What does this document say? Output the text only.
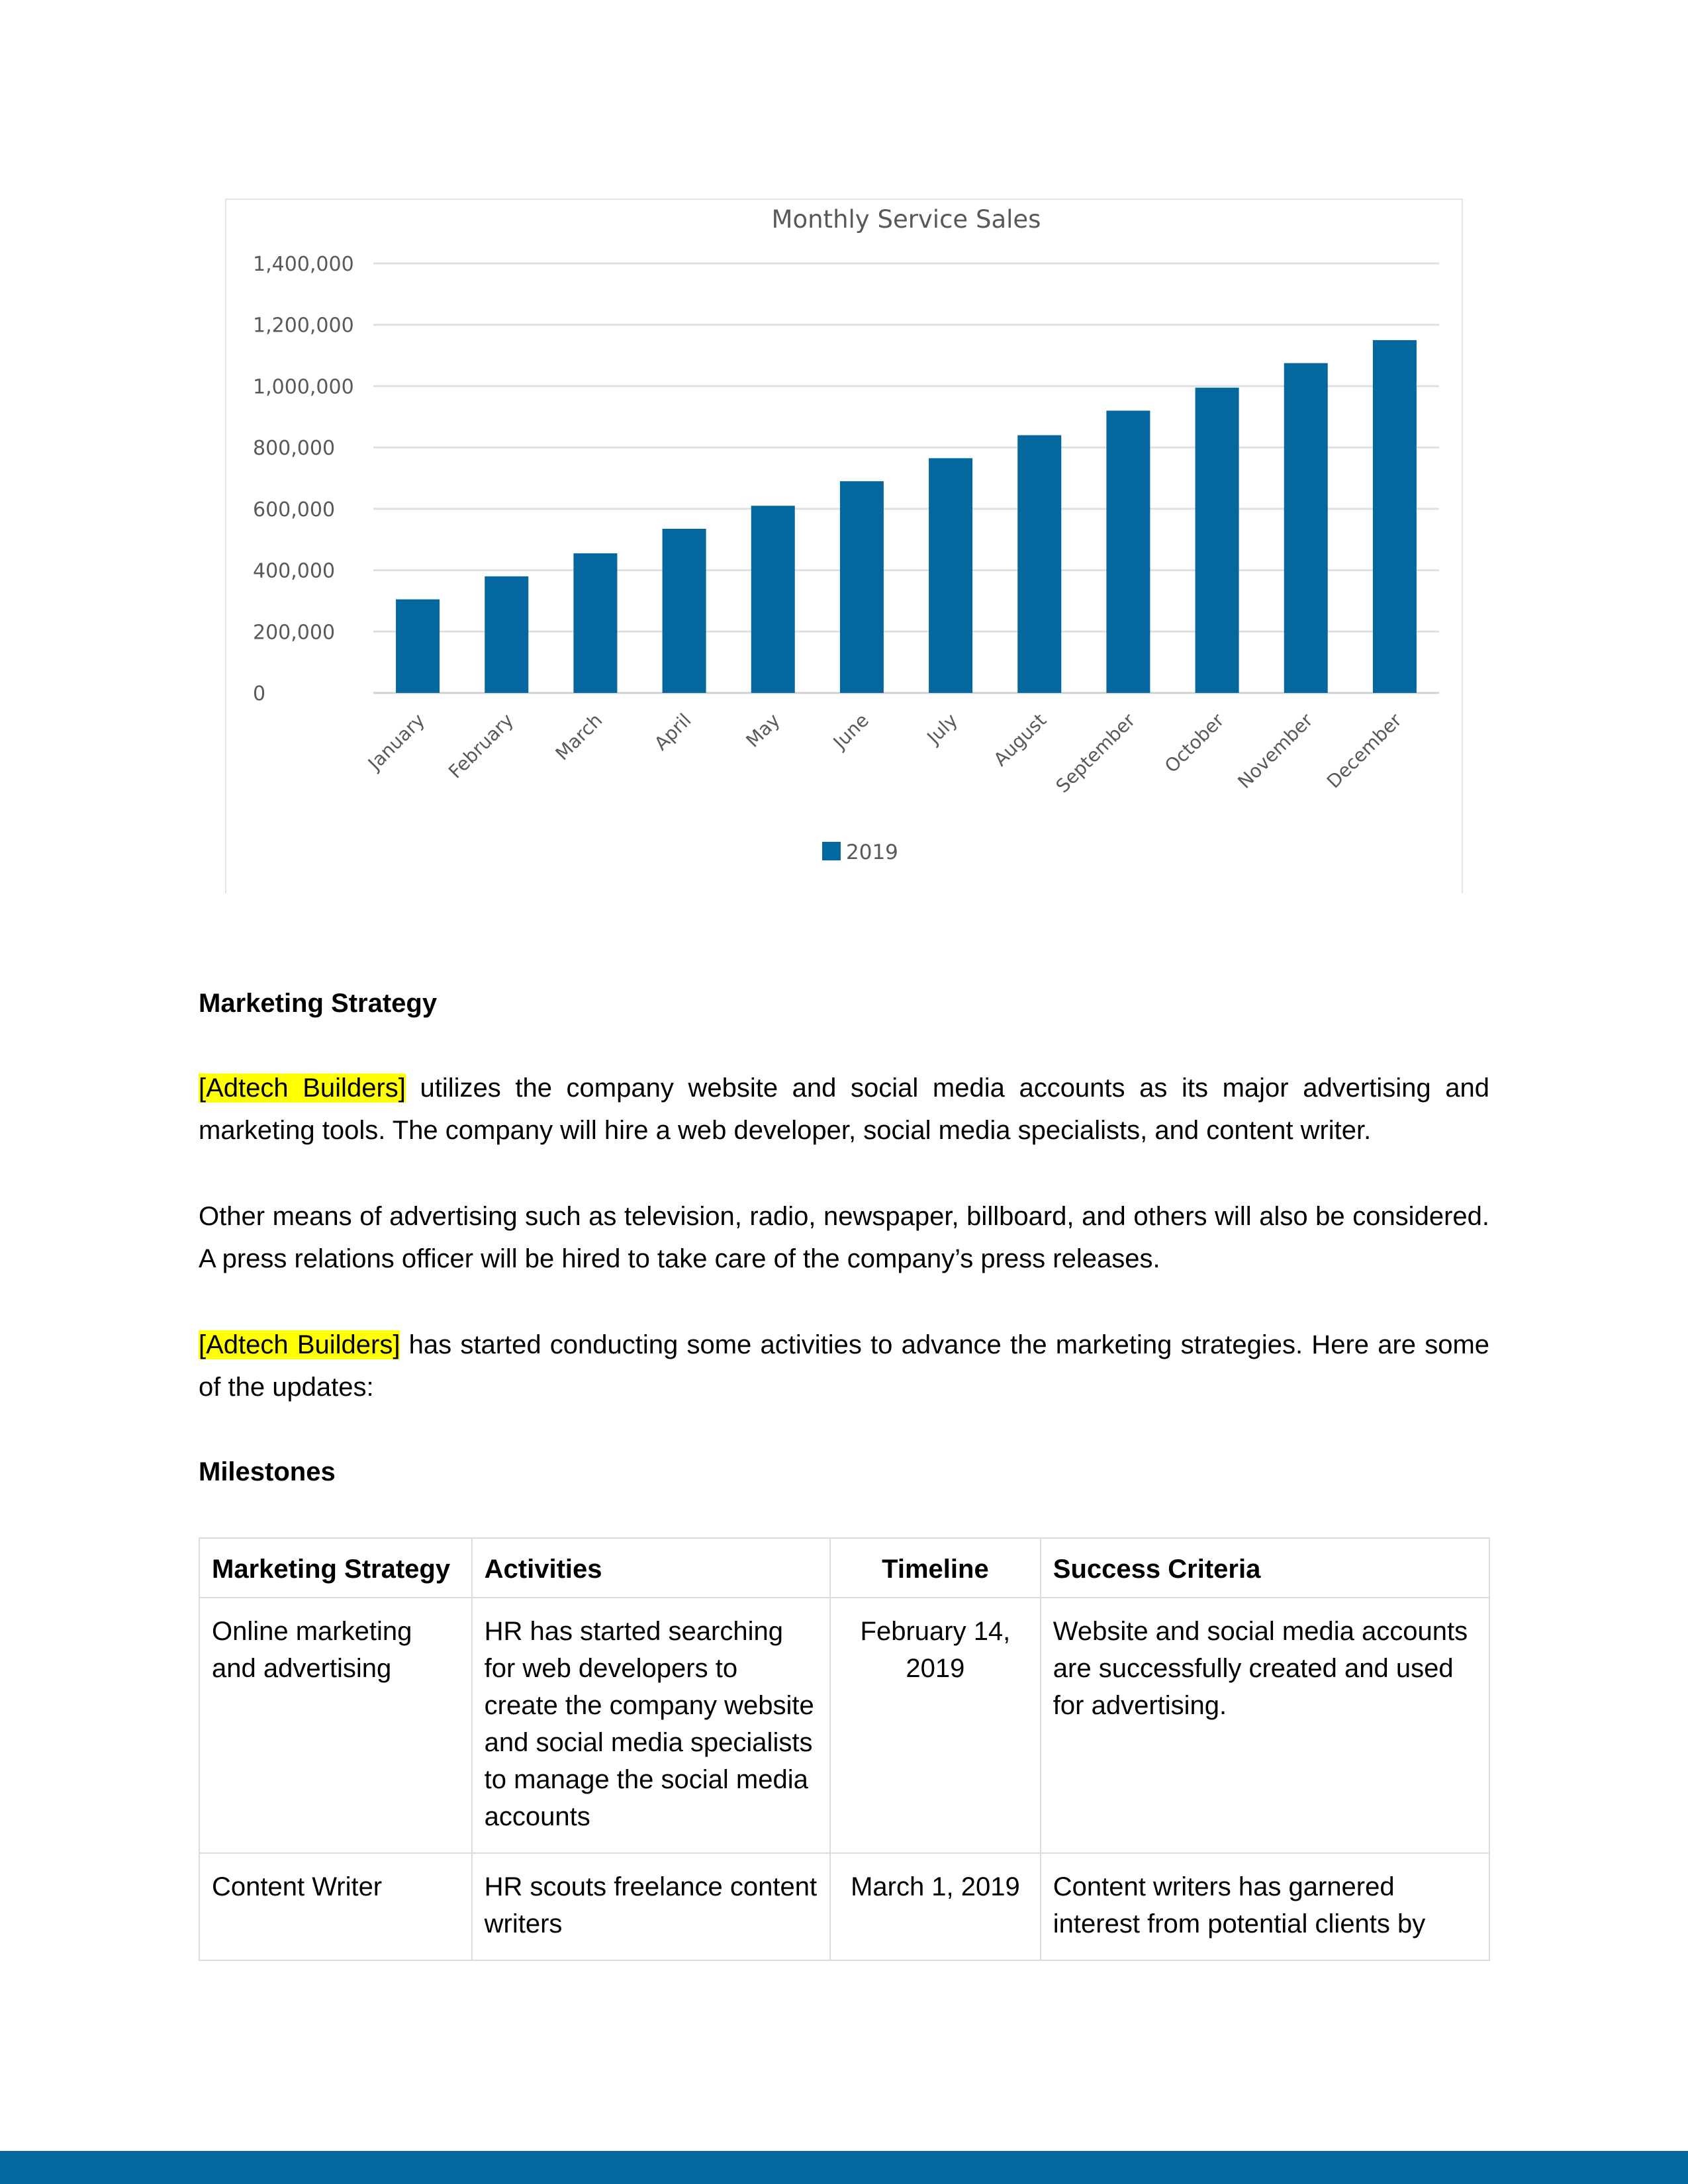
Monthly Service Sales
0
200,000
400,000
600,000
800,000
1,000,000
1,200,000
1,400,000
January February March April May June	July August September October November December
2019
Marketing Strategy
[Adtech Builders] utilizes the company website and social media accounts as its major advertising and marketing tools. The company will hire a web developer, social media specialists, and content writer.
Other means of advertising such as television, radio, newspaper, billboard, and others will also be considered. A press relations officer will be hired to take care of the company’s press releases.
[Adtech Builders] has started conducting some activities to advance the marketing strategies. Here are some of the updates:
Milestones
Marketing Strategy	Activities	Timeline	Success Criteria
Online marketing and advertising	HR has started searching for web developers to create the company website and social media specialists to manage the social media accounts	February 14, 2019	Website and social media accounts are successfully created and used for advertising.
Content Writer	HR scouts freelance content writers	March 1, 2019	Content writers has garnered interest from potential clients by
